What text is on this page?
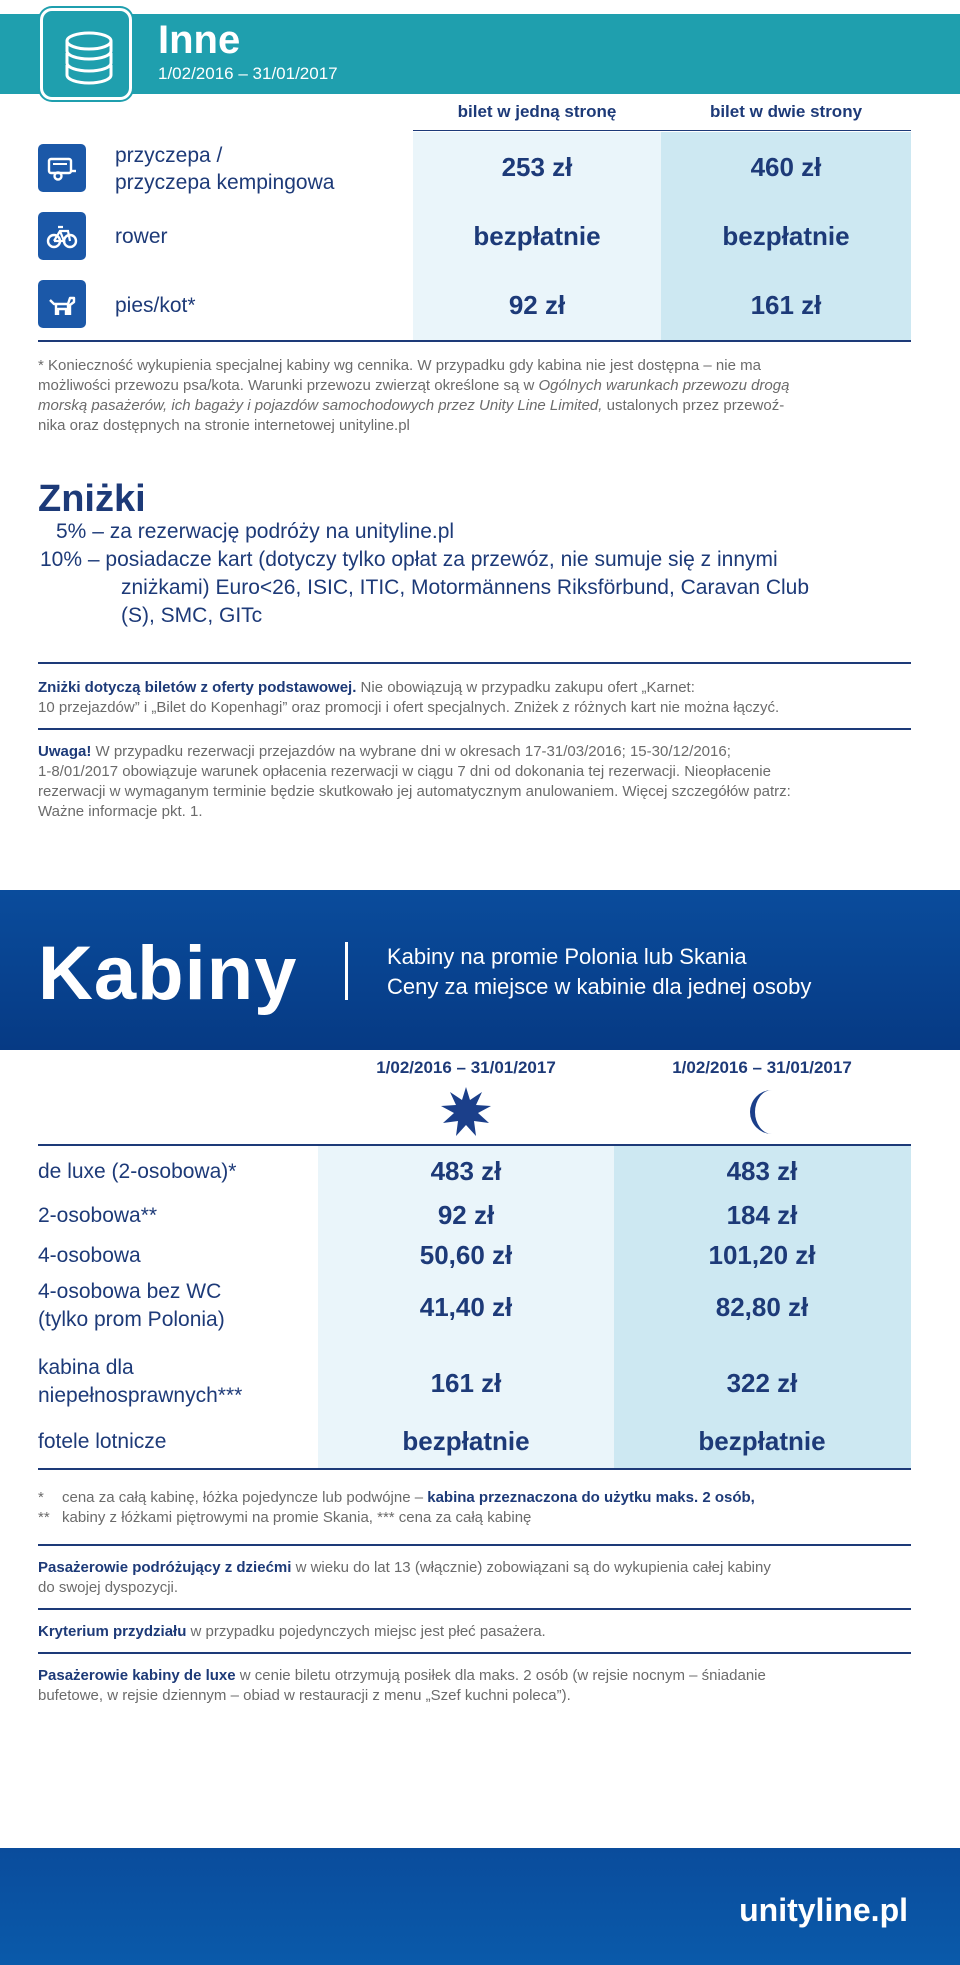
Inne
1/02/2016 – 31/01/2017
bilet w jedną stronę	bilet w dwie strony
przyczepa /
przyczepa kempingowa
253 zł	460 zł
rower	bezpłatnie	bezpłatnie
pies/kot*	92 zł	161 zł
* Konieczność wykupienia specjalnej kabiny wg cennika. W przypadku gdy kabina nie jest dostępna – nie ma
możliwości przewozu psa/kota. Warunki przewozu zwierząt określone są w Ogólnych warunkach przewozu drogą
morską pasażerów, ich bagaży i pojazdów samochodowych przez Unity Line Limited, ustalonych przez przewoź-
nika oraz dostępnych na stronie internetowej unityline.pl
Zniżki
5% – za rezerwację podróży na unityline.pl
10% – posiadacze kart (dotyczy tylko opłat za przewóz, nie sumuje się z innymi
zniżkami) Euro<26, ISIC, ITIC, Motormännens Riksförbund, Caravan Club
(S), SMC, GITc
Zniżki dotyczą biletów z oferty podstawowej. Nie obowiązują w przypadku zakupu ofert „Karnet:
10 przejazdów” i „Bilet do Kopenhagi” oraz promocji i ofert specjalnych. Zniżek z różnych kart nie można łączyć.
Uwaga! W przypadku rezerwacji przejazdów na wybrane dni w okresach 17-31/03/2016; 15-30/12/2016;
1-8/01/2017 obowiązuje warunek opłacenia rezerwacji w ciągu 7 dni od dokonania tej rezerwacji. Nieopłacenie
rezerwacji w wymaganym terminie będzie skutkowało jej automatycznym anulowaniem. Więcej szczegółów patrz:
Ważne informacje pkt. 1.
Kabiny	Kabiny na promie Polonia lub Skania
Ceny za miejsce w kabinie dla jednej osoby
1/02/2016 – 31/01/2017	1/02/2016 – 31/01/2017
de luxe (2-osobowa)*	483 zł	483 zł
2-osobowa**	92 zł	184 zł
4-osobowa	50,60 zł	101,20 zł
4-osobowa bez WC
(tylko prom Polonia)	41,40 zł	82,80 zł
kabina dla
niepełnosprawnych***	161 zł	322 zł
fotele lotnicze	bezpłatnie	bezpłatnie
* cena za całą kabinę, łóżka pojedyncze lub podwójne – kabina przeznaczona do użytku maks. 2 osób,
** kabiny z łóżkami piętrowymi na promie Skania, *** cena za całą kabinę
Pasażerowie podróżujący z dziećmi w wieku do lat 13 (włącznie) zobowiązani są do wykupienia całej kabiny
do swojej dyspozycji.
Kryterium przydziału w przypadku pojedynczych miejsc jest płeć pasażera.
Pasażerowie kabiny de luxe w cenie biletu otrzymują posiłek dla maks. 2 osób (w rejsie nocnym – śniadanie
bufetowe, w rejsie dziennym – obiad w restauracji z menu „Szef kuchni poleca”).
unityline.pl
